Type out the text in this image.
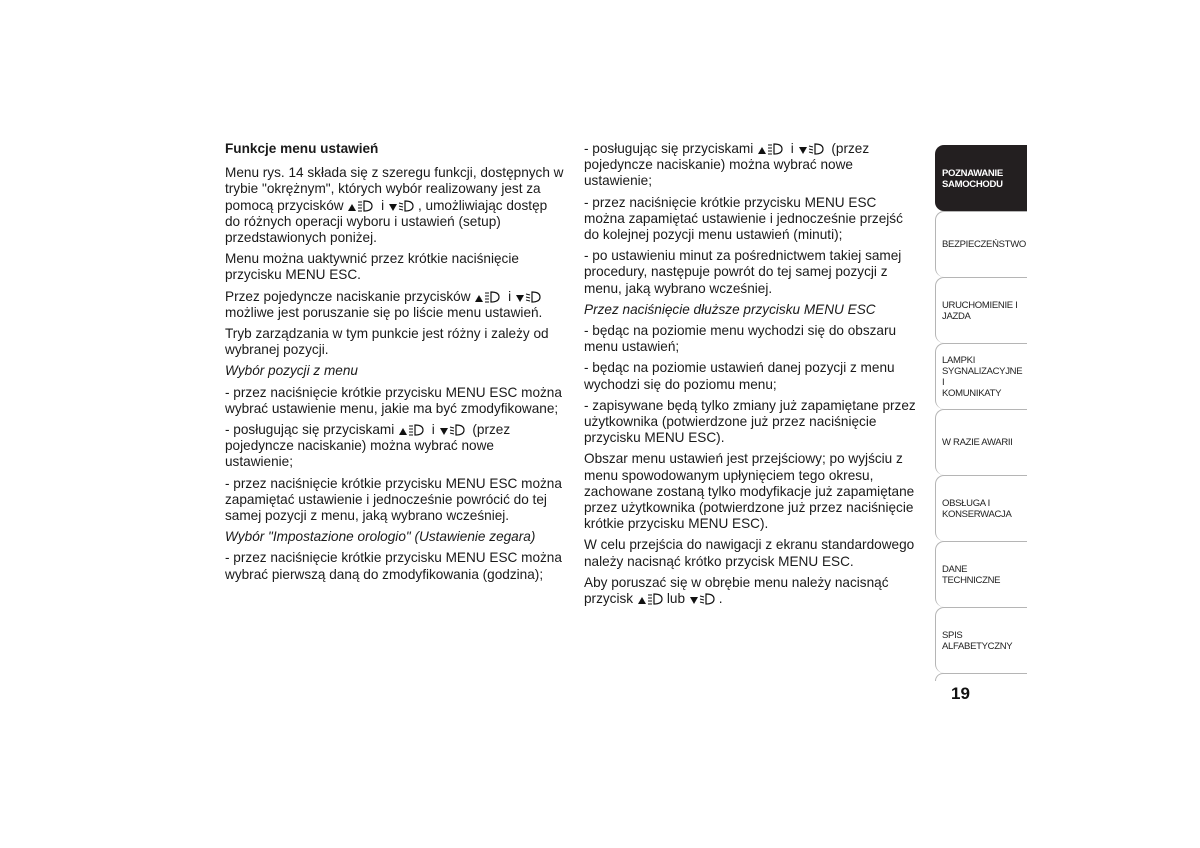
Funkcje menu ustawień

Menu rys. 14 składa się z szeregu funkcji, dostępnych w trybie "okrężnym", których wybór realizowany jest za pomocą przycisków	i , umożliwiając dostęp do różnych operacji wyboru i ustawień (setup) przedstawionych poniżej.

Menu można uaktywnić przez krótkie naciśnięcie przycisku MENU ESC.

Przez pojedyncze naciskanie przycisków	i  możliwe jest poruszanie się po liście menu ustawień.

Tryb zarządzania w tym punkcie jest różny i zależy od wybranej pozycji.

Wybór pozycji z menu

- przez naciśnięcie krótkie przycisku MENU ESC można wybrać ustawienie menu, jakie ma być zmodyfikowane;

- posługując się przyciskami	i	(przez pojedyncze naciskanie) można wybrać nowe ustawienie;

- przez naciśnięcie krótkie przycisku MENU ESC można zapamiętać ustawienie i jednocześnie powrócić do tej samej pozycji z menu, jaką wybrano wcześniej.

Wybór "Impostazione orologio" (Ustawienie zegara)

- przez naciśnięcie krótkie przycisku MENU ESC można wybrać pierwszą daną do zmodyfikowania (godzina);

- posługując się przyciskami	i	(przez pojedyncze naciskanie) można wybrać nowe ustawienie;

- przez naciśnięcie krótkie przycisku MENU ESC można zapamiętać ustawienie i jednocześnie przejść do kolejnej pozycji menu ustawień (minuti);

- po ustawieniu minut za pośrednictwem takiej samej procedury, następuje powrót do tej samej pozycji z menu, jaką wybrano wcześniej.

Przez naciśnięcie dłuższe przycisku MENU ESC

- będąc na poziomie menu wychodzi się do obszaru menu ustawień;

- będąc na poziomie ustawień danej pozycji z menu wychodzi się do poziomu menu;

- zapisywane będą tylko zmiany już zapamiętane przez użytkownika (potwierdzone już przez naciśnięcie przycisku MENU ESC).

Obszar menu ustawień jest przejściowy; po wyjściu z menu spowodowanym upłynięciem tego okresu, zachowane zostaną tylko modyfikacje już zapamiętane przez użytkownika (potwierdzone już przez naciśnięcie krótkie przycisku MENU ESC).

W celu przejścia do nawigacji z ekranu standardowego należy nacisnąć krótko przycisk MENU ESC.

Aby poruszać się w obrębie menu należy nacisnąć przycisk lub .

POZNAWANIE
SAMOCHODU
BEZPIECZEŃSTWO
URUCHOMIENIE I
JAZDA
LAMPKI
SYGNALIZACYJNE I
KOMUNIKATY
W RAZIE AWARII
OBSŁUGA I
KONSERWACJA
DANE TECHNICZNE
SPIS ALFABETYCZNY
19
